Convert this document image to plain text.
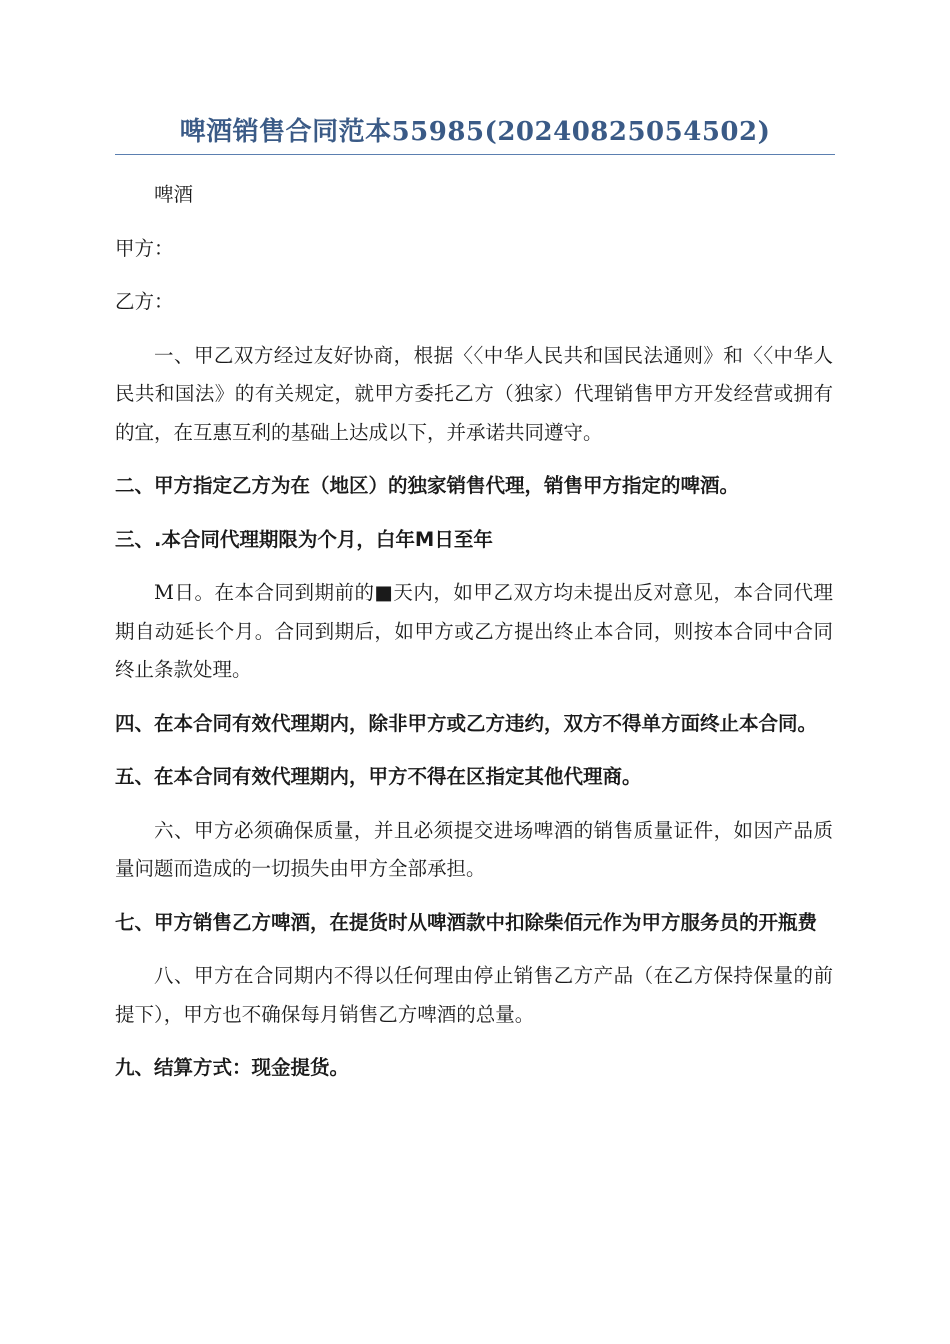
啤酒销售合同范本55985(20240825054502)

啤酒

甲方：

乙方：

一、甲乙双方经过友好协商，根据〈〈中华人民共和国民法通则》和〈〈中华人民共和国法》的有关规定，就甲方委托乙方（独家）代理销售甲方开发经营或拥有的宜，在互惠互利的基础上达成以下，并承诺共同遵守。

二、甲方指定乙方为在（地区）的独家销售代理，销售甲方指定的啤酒。

三、.本合同代理期限为个月，白年M日至年

M日。在本合同到期前的■天内，如甲乙双方均未提出反对意见，本合同代理期自动延长个月。合同到期后，如甲方或乙方提出终止本合同，则按本合同中合同终止条款处理。

四、在本合同有效代理期内，除非甲方或乙方违约，双方不得单方面终止本合同。

五、在本合同有效代理期内，甲方不得在区指定其他代理商。

六、甲方必须确保质量，并且必须提交进场啤酒的销售质量证件，如因产品质量问题而造成的一切损失由甲方全部承担。

七、甲方销售乙方啤酒，在提货时从啤酒款中扣除柴佰元作为甲方服务员的开瓶费

八、甲方在合同期内不得以任何理由停止销售乙方产品（在乙方保持保量的前提下），甲方也不确保每月销售乙方啤酒的总量。

九、结算方式：现金提货。
